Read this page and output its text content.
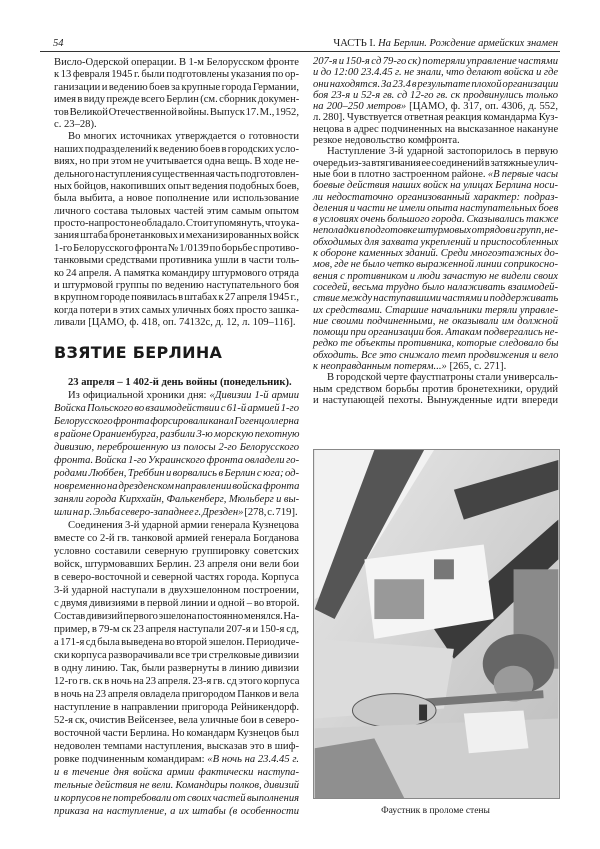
54	ЧАСТЬ I. На Берлин. Рождение армейских знамен
Висло-Одерской операции. В 1-м Белорусском фронте
к 13 февраля 1945 г. были подготовлены указания по ор-
ганизации и ведению боев за крупные города Германии,
имея в виду прежде всего Берлин (см. сборник докумен-
тов Великой Отечественной войны. Выпуск 17. М., 1952,
с. 23–28).
Во многих источниках утверждается о готовности
наших подразделений к ведению боев в городских усло-
виях, но при этом не учитывается одна вещь. В ходе не-
дельного наступления существенная часть подготовлен-
ных бойцов, накопивших опыт ведения подобных боев,
была выбита, а новое пополнение или использование
личного состава тыловых частей этим самым опытом
просто-напросто не обладало. Стоит упомянуть, что ука-
зания штаба бронетанковых и механизированных войск
1-го Белорусского фронта № 1/0139 по борьбе с противо-
танковыми средствами противника ушли в части толь-
ко 24 апреля. А памятка командиру штурмового отряда
и штурмовой группы по ведению наступательного боя
в крупном городе появилась в штабах к 27 апреля 1945 г.,
когда потери в этих самых уличных боях просто зашка-
ливали [ЦАМО, ф. 418, оп. 74132с, д. 12, л. 109–116].
ВЗЯТИЕ БЕРЛИНА
23 апреля – 1 402-й день войны (понедельник).
Из официальной хроники дня: «Дивизии 1-й армии
Войска Польского во взаимодействии с 61-й армией 1-го
Белорусского фронта форсировали канал Гогенцоллерна
в районе Ораниенбурга, разбили 3-ю морскую пехотную
дивизию, переброшенную из полосы 2-го Белорусского
фронта. Войска 1-го Украинского фронта овладели го-
родами Люббен, Треббин и ворвались в Берлин с юга; од-
новременно на дрезденском направлении войска фронта
заняли города Кирххайн, Фалькенберг, Мюльберг и вы-
шли на р. Эльба северо-западнее г. Дрезден» [278, с. 719].
Соединения 3-й ударной армии генерала Кузнецова
вместе со 2-й гв. танковой армией генерала Богданова
условно составили северную группировку советских
войск, штурмовавших Берлин. 23 апреля они вели бои
в северо-восточной и северной частях города. Корпуса
3-й ударной наступали в двухэшелонном построении,
с двумя дивизиями в первой линии и одной – во второй.
Состав дивизий первого эшелона постоянно менялся. На-
пример, в 79-м ск 23 апреля наступали 207-я и 150-я сд,
а 171-я сд была выведена во второй эшелон. Периодиче-
ски корпуса разворачивали все три стрелковые дивизии
в одну линию. Так, были развернуты в линию дивизии
12-го гв. ск в ночь на 23 апреля. 23-я гв. сд этого корпуса
в ночь на 23 апреля овладела пригородом Панков и вела
наступление в направлении пригорода Рейникендорф.
52-я ск, очистив Вейсензее, вела уличные бои в северо-
восточной части Берлина. Но командарм Кузнецов был
недоволен темпами наступления, высказав это в шиф-
ровке подчиненным командирам: «В ночь на 23.4.45 г.
и в течение дня войска армии фактически наступа-
тельные действия не вели. Командиры полков, дивизий
и корпусов не потребовали от своих частей выполнения
приказа на наступление, а их штабы (в особенности
207-я и 150-я сд 79-го ск) потеряли управление частями
и до 12:00 23.4.45 г. не знали, что делают войска и где
они находятся. За 23.4 в результате плохой организации
боя 23-я и 52-я гв. сд 12-го гв. ск продвинулись только
на 200–250 метров» [ЦАМО, ф. 317, оп. 4306, д. 552,
л. 280]. Чувствуется ответная реакция командарма Куз-
нецова в адрес подчиненных на высказанное накануне
резкое недовольство комфронта.
Наступление 3-й ударной застопорилось в первую
очередь из-за втягивания ее соединений в затяжные улич-
ные бои в плотно застроенном районе. «В первые часы
боевые действия наших войск на улицах Берлина носи-
ли недостаточно организованный характер: подраз-
деления и части не имели опыта наступательных боев
в условиях очень большого города. Сказывались также
неполадки в подготовке штурмовых отрядов и групп, не-
обходимых для захвата укреплений и приспособленных
к обороне каменных зданий. Среди многоэтажных до-
мов, где не было четко выраженной линии соприкосно-
вения с противником и люди зачастую не видели своих
соседей, весьма трудно было налаживать взаимодей-
ствие между наступавшими частями и поддерживать
их средствами. Старшие начальники теряли управле-
ние своими подчиненными, не оказывали им должной
помощи при организации боя. Атакам подвергались не-
редко те объекты противника, которые следовало бы
обходить. Все это снижало темп продвижения и вело
к неоправданным потерям...» [265, с. 271].
В городской черте фаустпатроны стали универсаль-
ным средством борьбы против бронетехники, орудий
и наступающей пехоты. Вынужденные идти впереди
Фаустник в проломе стены
